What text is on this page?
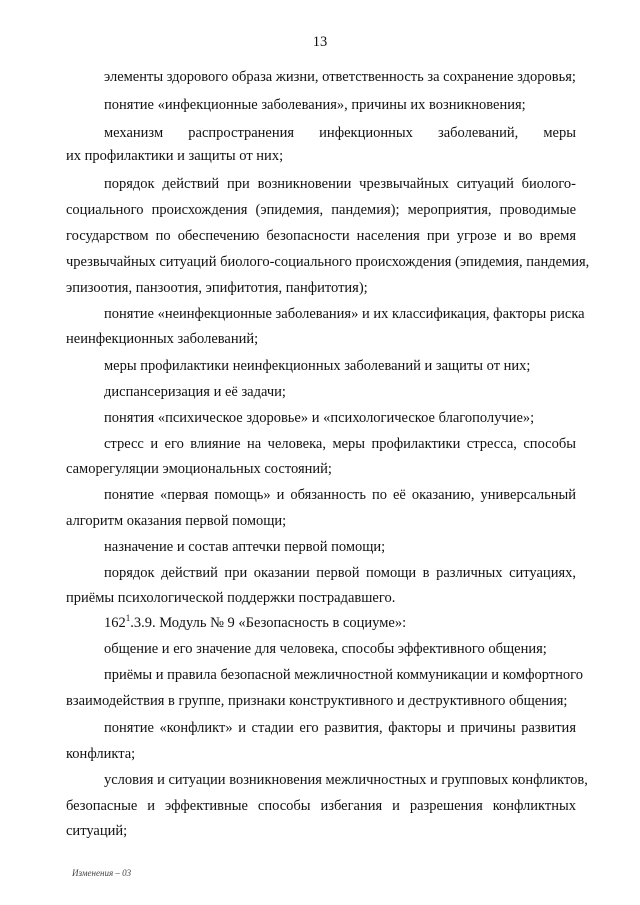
13
элементы здорового образа жизни, ответственность за сохранение здоровья;
понятие «инфекционные заболевания», причины их возникновения;
механизм распространения инфекционных заболеваний, меры
их профилактики и защиты от них;
порядок действий при возникновении чрезвычайных ситуаций биолого-
социального происхождения (эпидемия, пандемия); мероприятия, проводимые
государством по обеспечению безопасности населения при угрозе и во время
чрезвычайных ситуаций биолого-социального происхождения (эпидемия, пандемия,
эпизоотия, панзоотия, эпифитотия, панфитотия);
понятие «неинфекционные заболевания» и их классификация, факторы риска
неинфекционных заболеваний;
меры профилактики неинфекционных заболеваний и защиты от них;
диспансеризация и её задачи;
понятия «психическое здоровье» и «психологическое благополучие»;
стресс и его влияние на человека, меры профилактики стресса, способы
саморегуляции эмоциональных состояний;
понятие «первая помощь» и обязанность по её оказанию, универсальный
алгоритм оказания первой помощи;
назначение и состав аптечки первой помощи;
порядок действий при оказании первой помощи в различных ситуациях,
приёмы психологической поддержки пострадавшего.
$162^1.3.9$. Модуль № 9 «Безопасность в социуме»:
общение и его значение для человека, способы эффективного общения;
приёмы и правила безопасной межличностной коммуникации и комфортного
взаимодействия в группе, признаки конструктивного и деструктивного общения;
понятие «конфликт» и стадии его развития, факторы и причины развития
конфликта;
условия и ситуации возникновения межличностных и групповых конфликтов,
безопасные и эффективные способы избегания и разрешения конфликтных
ситуаций;
Изменения – 03
